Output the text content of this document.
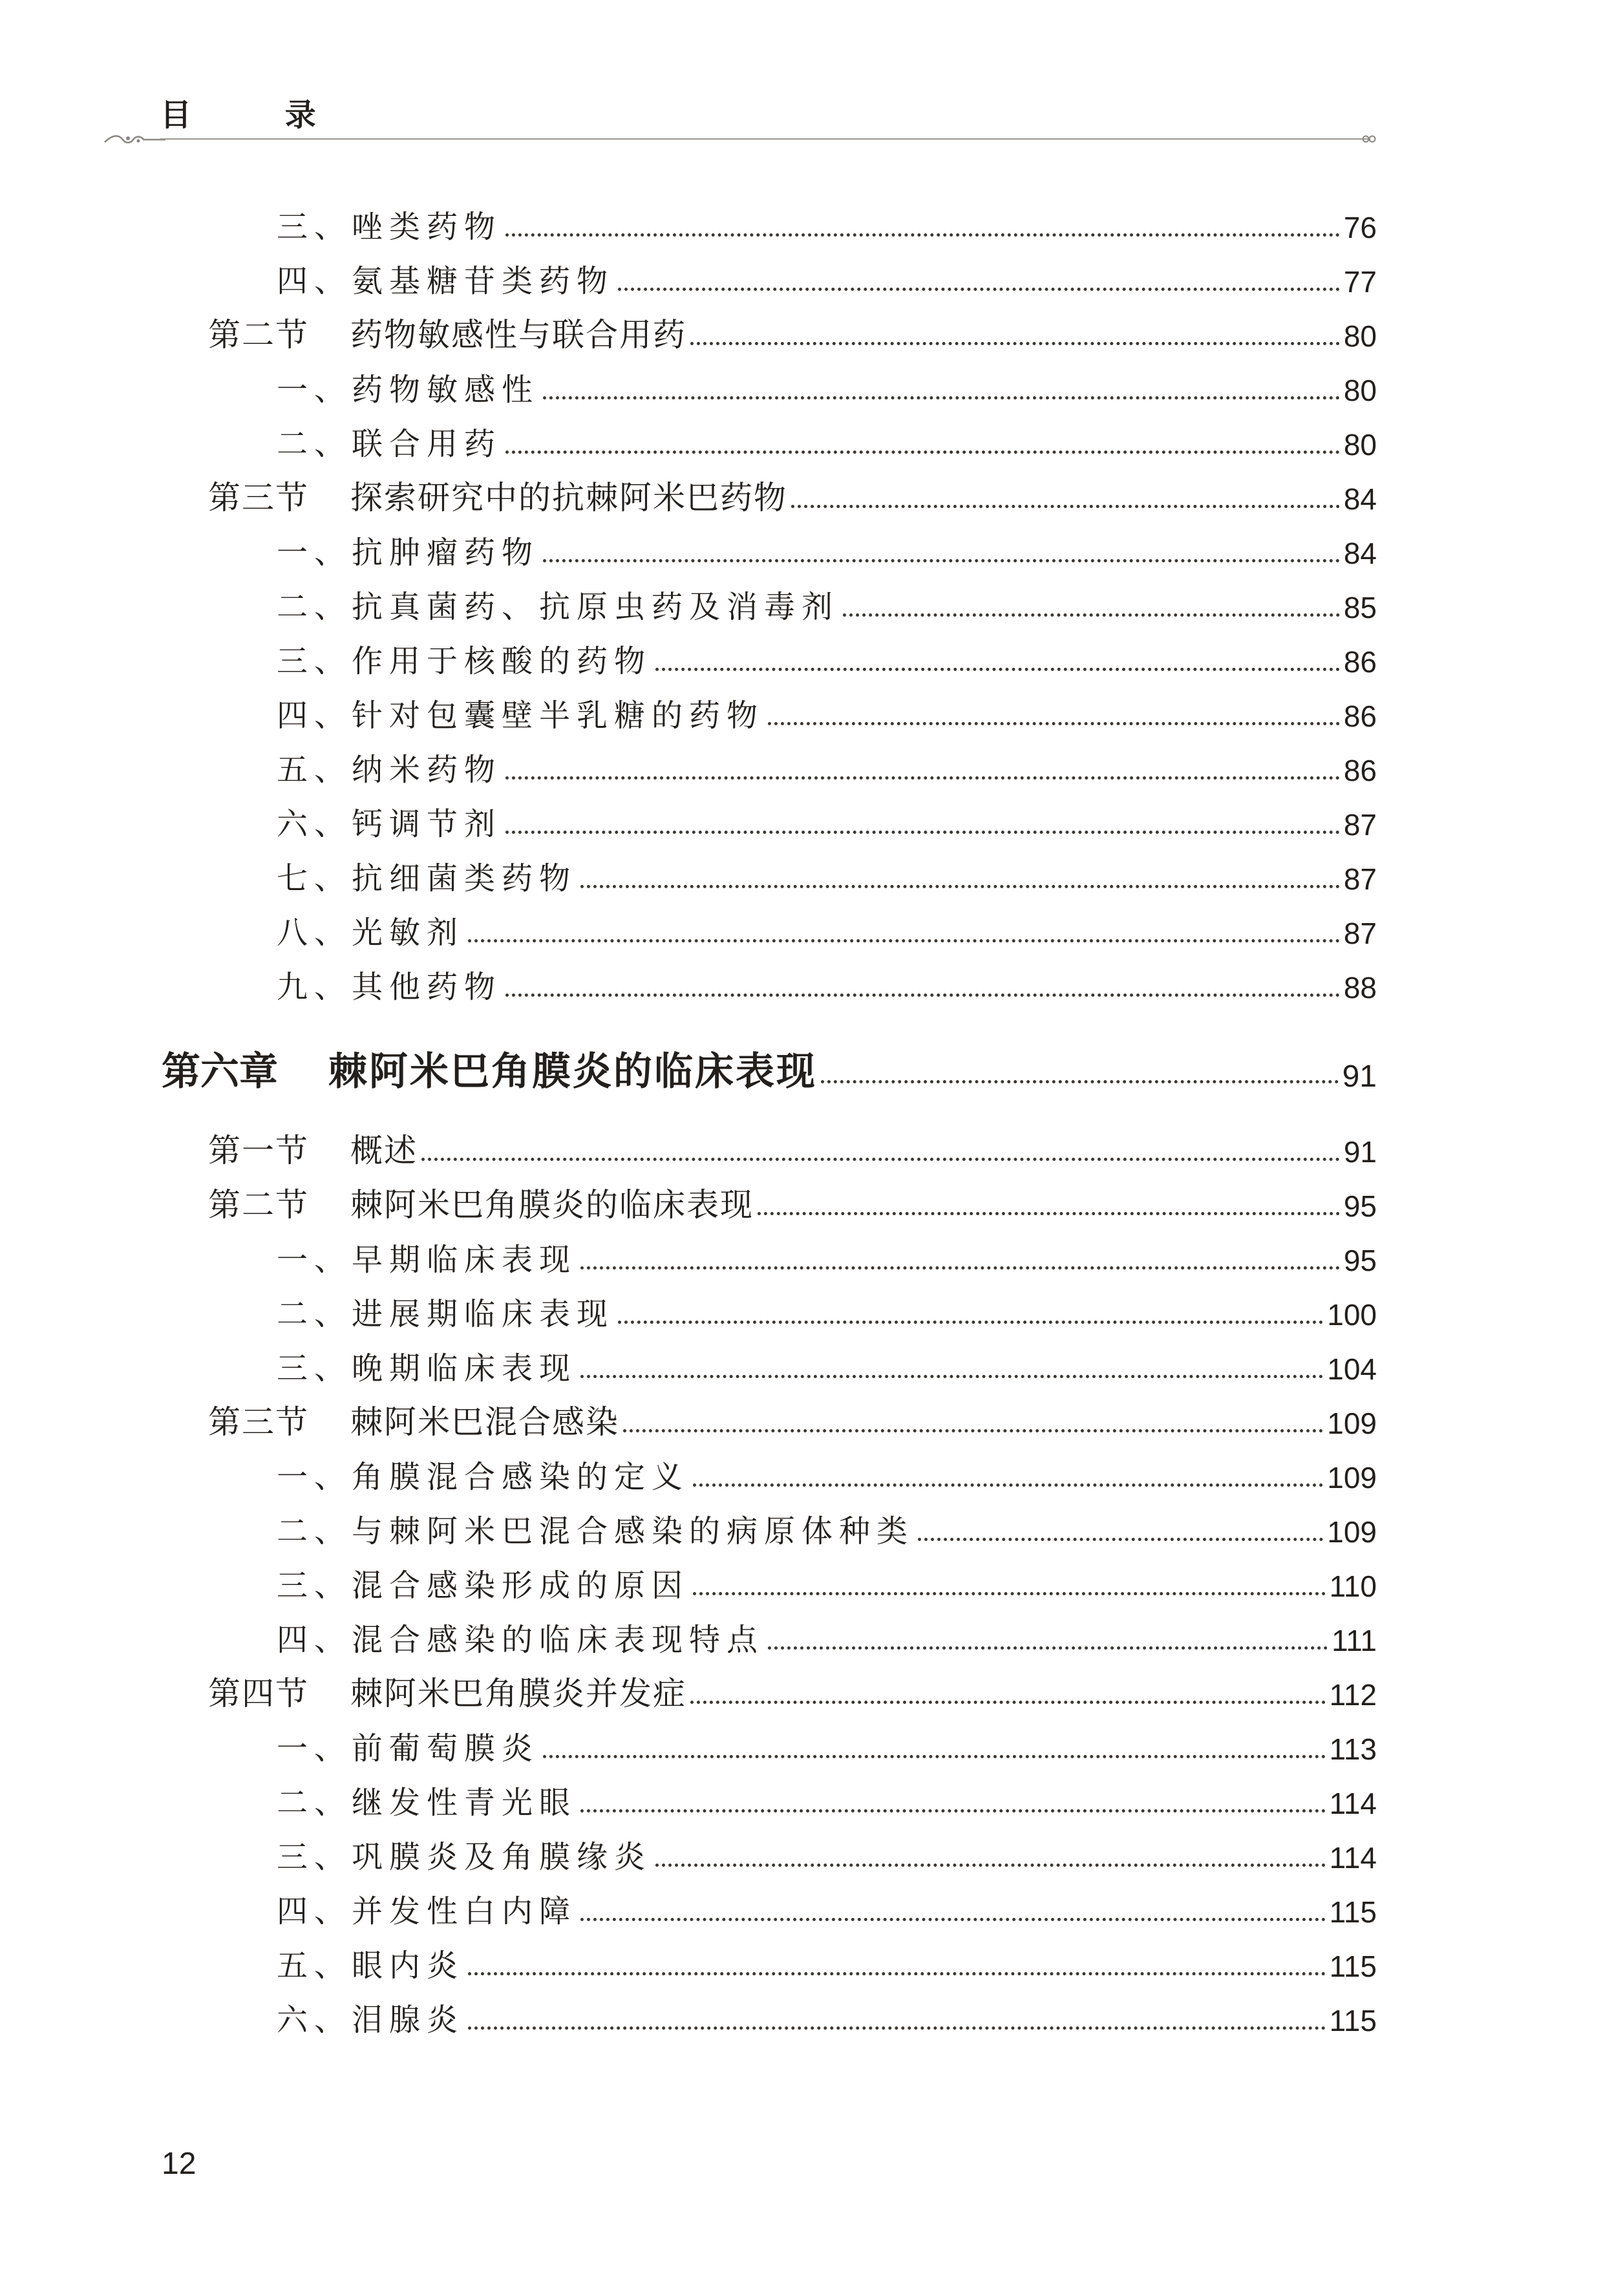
目 录
三、 唑类药物	76
四、 氨基糖苷类药物	77
第二节	药物敏感性与联合用药	80
一、 药物敏感性	80
二、 联合用药	80
第三节	探索研究中的抗棘阿米巴药物	84
一、 抗肿瘤药物	84
二、 抗真菌药、抗原虫药及消毒剂	85
三、 作用于核酸的药物	86
四、 针对包囊壁半乳糖的药物	86
五、 纳米药物	86
六、 钙调节剂	87
七、 抗细菌类药物	87
八、 光敏剂	87
九、 其他药物	88
第六章	棘阿米巴角膜炎的临床表现	91
第一节	概述	91
第二节	棘阿米巴角膜炎的临床表现	95
一、 早期临床表现	95
二、 进展期临床表现	100
三、 晚期临床表现	104
第三节	棘阿米巴混合感染	109
一、 角膜混合感染的定义	109
二、 与棘阿米巴混合感染的病原体种类	109
三、 混合感染形成的原因	110
四、 混合感染的临床表现特点	111
第四节	棘阿米巴角膜炎并发症	112
一、 前葡萄膜炎	113
二、 继发性青光眼	114
三、 巩膜炎及角膜缘炎	114
四、 并发性白内障	115
五、 眼内炎	115
六、 泪腺炎	115
12
